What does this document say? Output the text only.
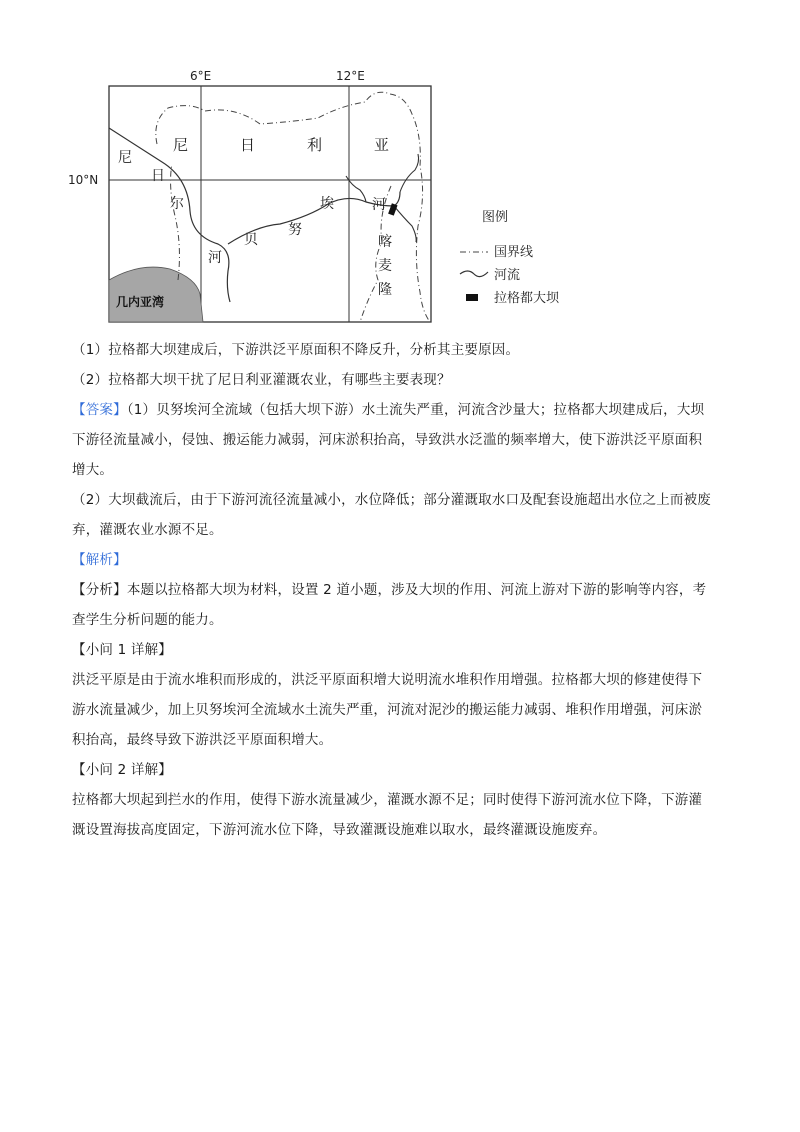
6°E	12°E
10°N
几内亚湾
尼
日
尔
尼	日	利	亚
河
贝
努
埃	河
喀
麦
隆
图例
国界线
河流
拉格都大坝

（1）拉格都大坝建成后，下游洪泛平原面积不降反升，分析其主要原因。

（2）拉格都大坝干扰了尼日利亚灌溉农业，有哪些主要表现？

【答案】（1）贝努埃河全流域（包括大坝下游）水土流失严重，河流含沙量大；拉格都大坝建成后，大坝

下游径流量减小，侵蚀、搬运能力减弱，河床淤积抬高，导致洪水泛滥的频率增大，使下游洪泛平原面积

增大。

（2）大坝截流后，由于下游河流径流量减小，水位降低；部分灌溉取水口及配套设施超出水位之上而被废

弃，灌溉农业水源不足。

【解析】

【分析】本题以拉格都大坝为材料，设置 2 道小题，涉及大坝的作用、河流上游对下游的影响等内容，考

查学生分析问题的能力。

【小问 1 详解】

洪泛平原是由于流水堆积而形成的，洪泛平原面积增大说明流水堆积作用增强。拉格都大坝的修建使得下

游水流量减少，加上贝努埃河全流域水土流失严重，河流对泥沙的搬运能力减弱、堆积作用增强，河床淤

积抬高，最终导致下游洪泛平原面积增大。

【小问 2 详解】

拉格都大坝起到拦水的作用，使得下游水流量减少，灌溉水源不足；同时使得下游河流水位下降，下游灌

溉设置海拔高度固定，下游河流水位下降，导致灌溉设施难以取水，最终灌溉设施废弃。
